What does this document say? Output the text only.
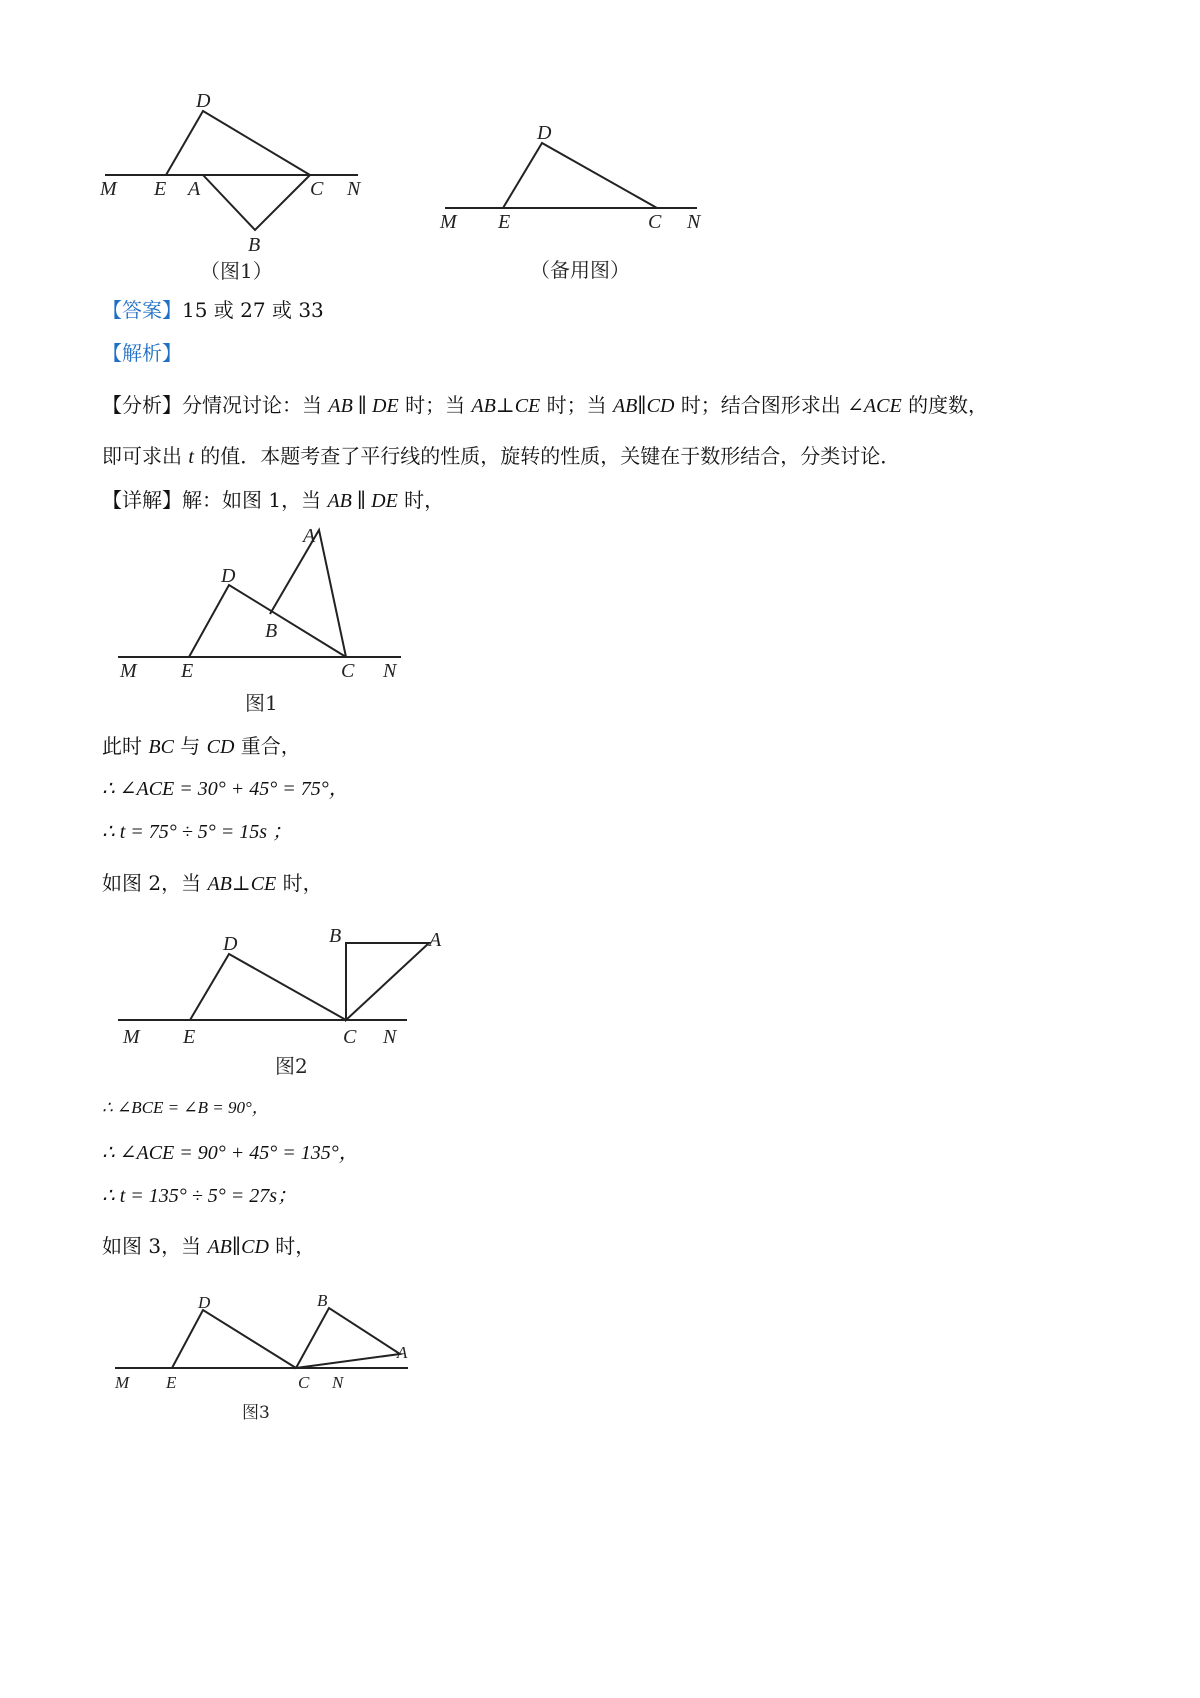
D
M E A	C N
B
（图1）
D
M E	C N
（备用图）
【答案】15 或 27 或 33
【解析】
【分析】分情况讨论：当 AB ∥ DE 时；当 AB⊥CE 时；当 AB∥CD 时；结合图形求出 ∠ACE 的度数，
即可求出 t 的值．本题考查了平行线的性质，旋转的性质，关键在于数形结合，分类讨论．
【详解】解：如图 1，当 AB ∥ DE 时，
A
D
B
M E	C N
图1
此时 BC 与 CD 重合，
∴ ∠ACE = 30° + 45° = 75°，
∴ t = 75° ÷ 5° = 15s ；
如图 2，当 AB⊥CE 时，
D	B	A
M E	C N
图2
∴ ∠BCE = ∠B = 90°，
∴ ∠ACE = 90° + 45° = 135°，
∴ t = 135° ÷ 5° = 27s；
如图 3，当 AB∥CD 时，
D	B
A
M E	C N
图3
